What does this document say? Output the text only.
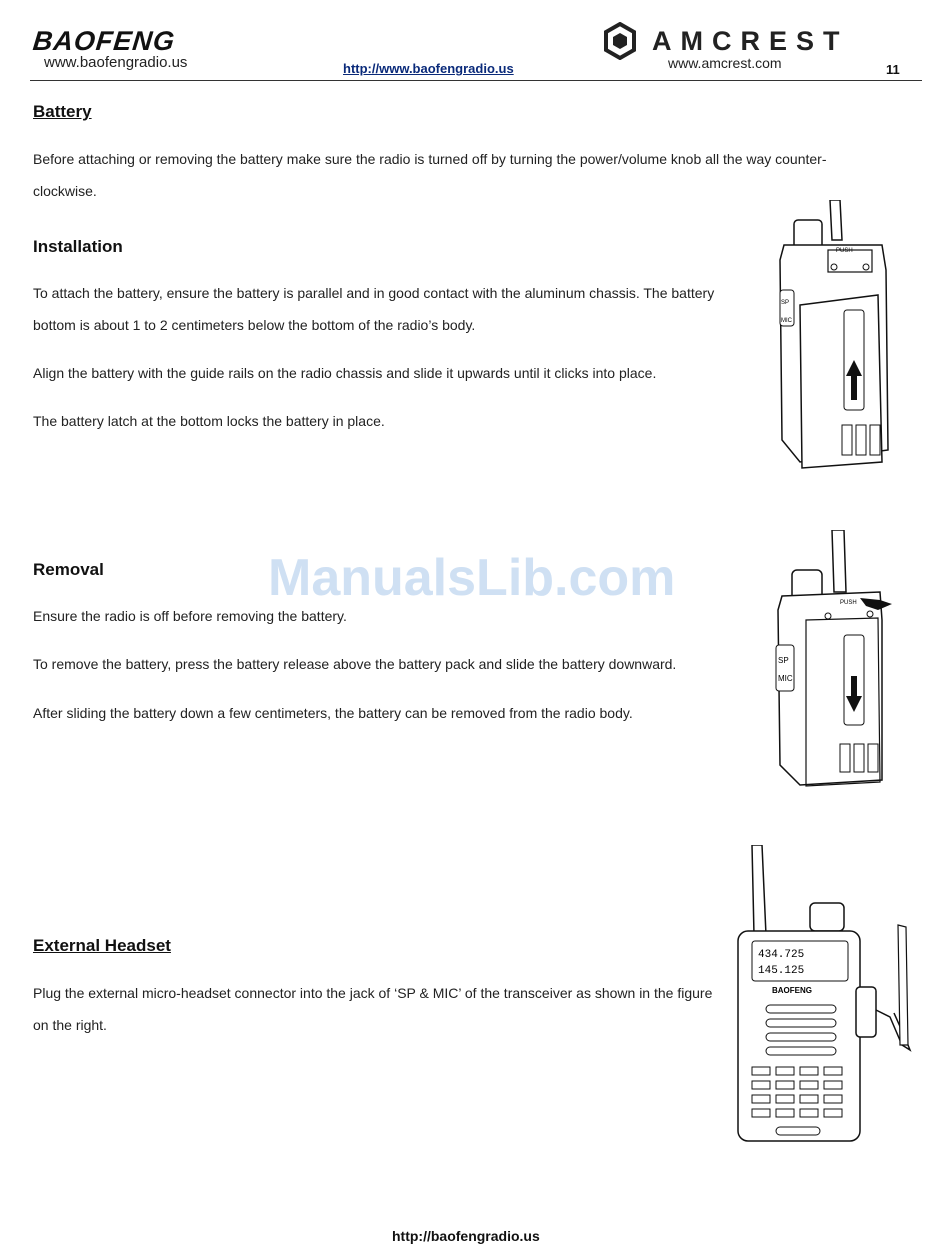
BAOFENG
www.baofengradio.us	http://www.baofengradio.us
AMCREST
www.amcrest.com	11
Battery
Before attaching or removing the battery make sure the radio is turned off by turning the power/volume knob all the way counter-clockwise.
Installation
To attach the battery, ensure the battery is parallel and in good contact with the aluminum chassis. The battery bottom is about 1 to 2 centimeters below the bottom of the radio’s body.
Align the battery with the guide rails on the radio chassis and slide it upwards until it clicks into place.
The battery latch at the bottom locks the battery in place.
PUSH
SP
MIC
ManualsLib.com
Removal
Ensure the radio is off before removing the battery.
To remove the battery, press the battery release above the battery pack and slide the battery downward.
After sliding the battery down a few centimeters, the battery can be removed from the radio body.
PUSH
SP
MIC
External Headset
Plug the external micro-headset connector into the jack of ‘SP & MIC’ of the transceiver as shown in the figure on the right.
434.725
145.125
BAOFENG
http://baofengradio.us
